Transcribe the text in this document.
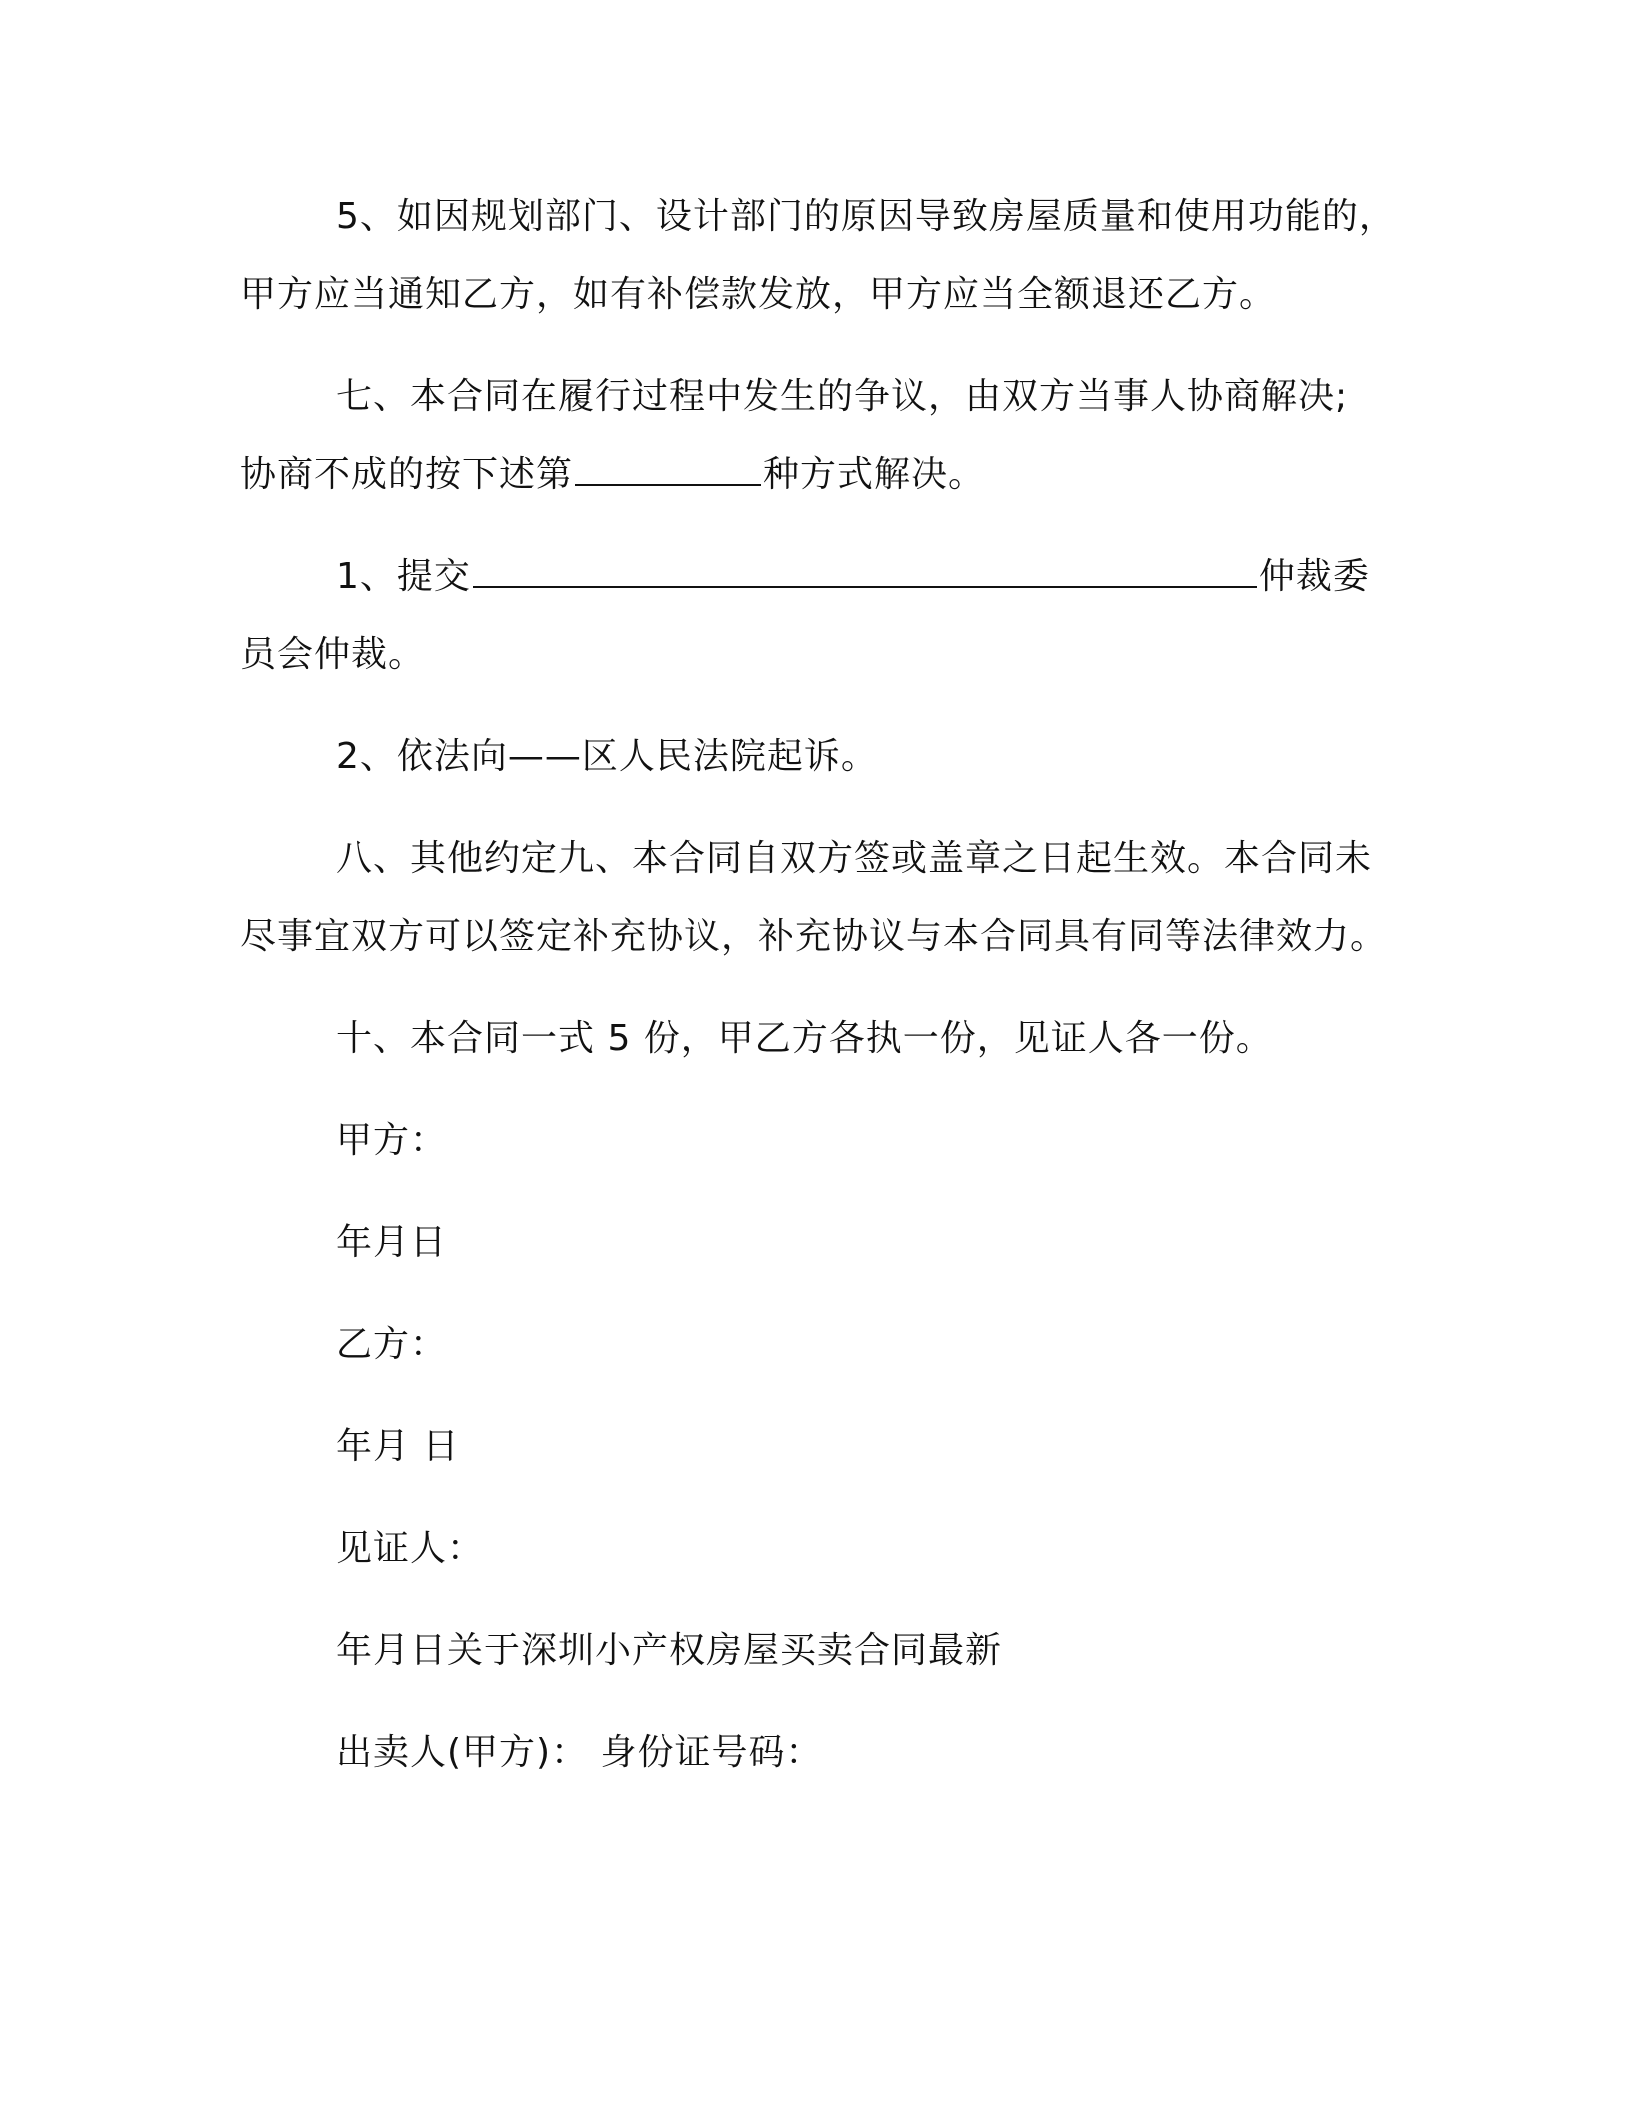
5、如因规划部门、设计部门的原因导致房屋质量和使用功能的，
甲方应当通知乙方，如有补偿款发放，甲方应当全额退还乙方。
七、本合同在履行过程中发生的争议，由双方当事人协商解决;
协商不成的按下述第	种方式解决。
1、提交	仲裁委
员会仲裁。
2、依法向——区人民法院起诉。
八、其他约定九、本合同自双方签或盖章之日起生效。本合同未
尽事宜双方可以签定补充协议，补充协议与本合同具有同等法律效力。
十、本合同一式 5 份，甲乙方各执一份，见证人各一份。
甲方：
年月日
乙方：
年月 日
见证人：
年月日关于深圳小产权房屋买卖合同最新
出卖人(甲方)： 身份证号码：
